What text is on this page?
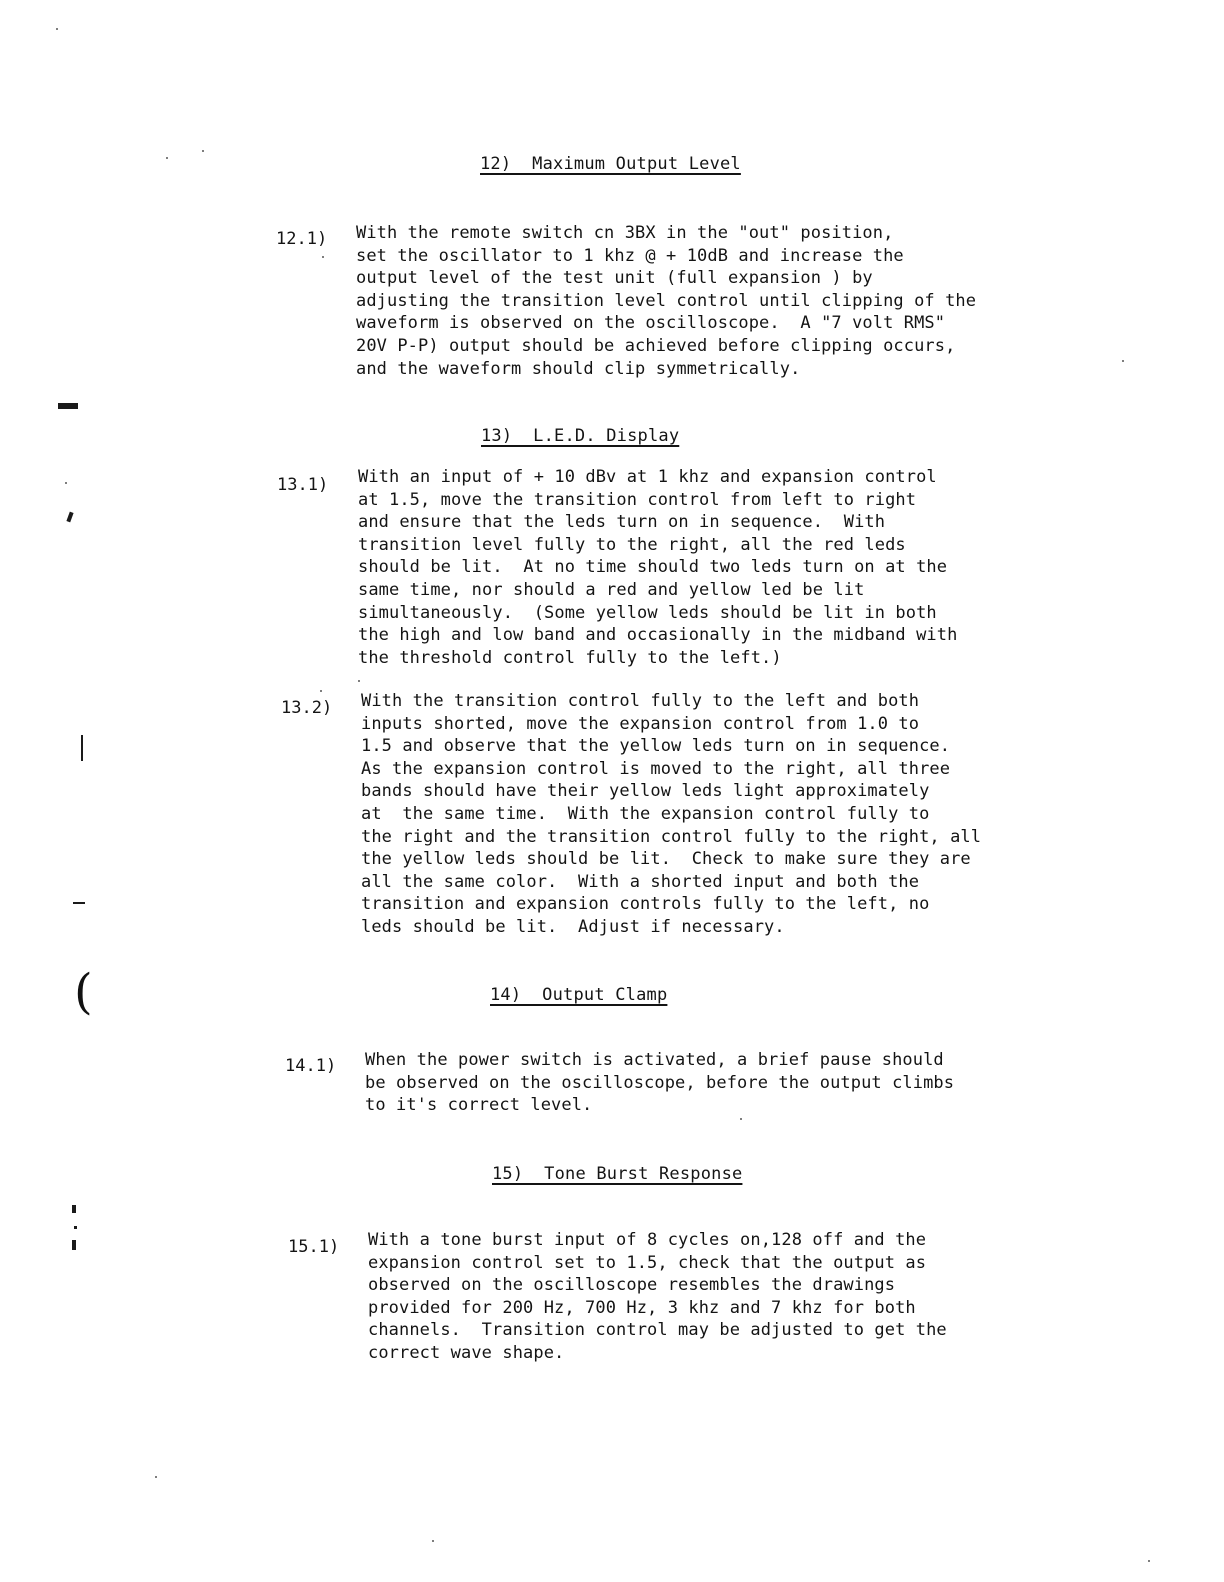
12)  Maximum Output Level
12.1) With the remote switch cn 3BX in the "out" position,
set the oscillator to 1 khz @ + 10dB and increase the
output level of the test unit (full expansion ) by
adjusting the transition level control until clipping of the
waveform is observed on the oscilloscope.  A "7 volt RMS"
20V P-P) output should be achieved before clipping occurs,
and the waveform should clip symmetrically.
13)  L.E.D. Display
13.1) With an input of + 10 dBv at 1 khz and expansion control
at 1.5, move the transition control from left to right
and ensure that the leds turn on in sequence.  With
transition level fully to the right, all the red leds
should be lit.  At no time should two leds turn on at the
same time, nor should a red and yellow led be lit
simultaneously.  (Some yellow leds should be lit in both
the high and low band and occasionally in the midband with
the threshold control fully to the left.)
13.2) With the transition control fully to the left and both
inputs shorted, move the expansion control from 1.0 to
1.5 and observe that the yellow leds turn on in sequence.
As the expansion control is moved to the right, all three
bands should have their yellow leds light approximately
at  the same time.  With the expansion control fully to
the right and the transition control fully to the right, all
the yellow leds should be lit.  Check to make sure they are
all the same color.  With a shorted input and both the
transition and expansion controls fully to the left, no
leds should be lit.  Adjust if necessary.
14)  Output Clamp
14.1) When the power switch is activated, a brief pause should
be observed on the oscilloscope, before the output climbs
to it's correct level.
15)  Tone Burst Response
15.1) With a tone burst input of 8 cycles on,128 off and the
expansion control set to 1.5, check that the output as
observed on the oscilloscope resembles the drawings
provided for 200 Hz, 700 Hz, 3 khz and 7 khz for both
channels.  Transition control may be adjusted to get the
correct wave shape.
(
